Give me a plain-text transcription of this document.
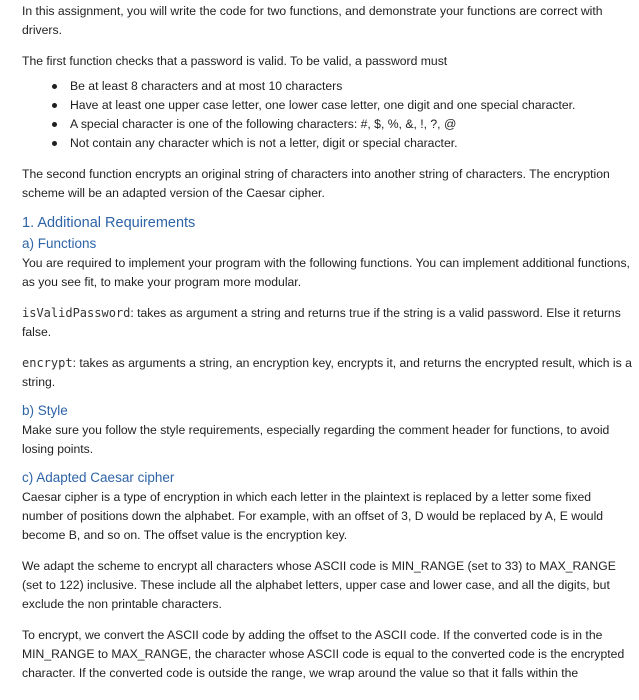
In this assignment, you will write the code for two functions, and demonstrate your functions are correct with drivers.

The first function checks that a password is valid. To be valid, a password must

Be at least 8 characters and at most 10 characters
Have at least one upper case letter, one lower case letter, one digit and one special character.
A special character is one of the following characters: #, $, %, &, !, ?, @
Not contain any character which is not a letter, digit or special character.

The second function encrypts an original string of characters into another string of characters. The encryption scheme will be an adapted version of the Caesar cipher.

1. Additional Requirements
a) Functions

You are required to implement your program with the following functions. You can implement additional functions, as you see fit, to make your program more modular.

isValidPassword: takes as argument a string and returns true if the string is a valid password. Else it returns false.

encrypt: takes as arguments a string, an encryption key, encrypts it, and returns the encrypted result, which is a string.

b) Style

Make sure you follow the style requirements, especially regarding the comment header for functions, to avoid losing points.

c) Adapted Caesar cipher

Caesar cipher is a type of encryption in which each letter in the plaintext is replaced by a letter some fixed number of positions down the alphabet. For example, with an offset of 3, D would be replaced by A, E would become B, and so on. The offset value is the encryption key.

We adapt the scheme to encrypt all characters whose ASCII code is MIN_RANGE (set to 33) to MAX_RANGE (set to 122) inclusive. These include all the alphabet letters, upper case and lower case, and all the digits, but exclude the non printable characters.

To encrypt, we convert the ASCII code by adding the offset to the ASCII code. If the converted code is in the MIN_RANGE to MAX_RANGE, the character whose ASCII code is equal to the converted code is the encrypted character. If the converted code is outside the range, we wrap around the value so that it falls within the
